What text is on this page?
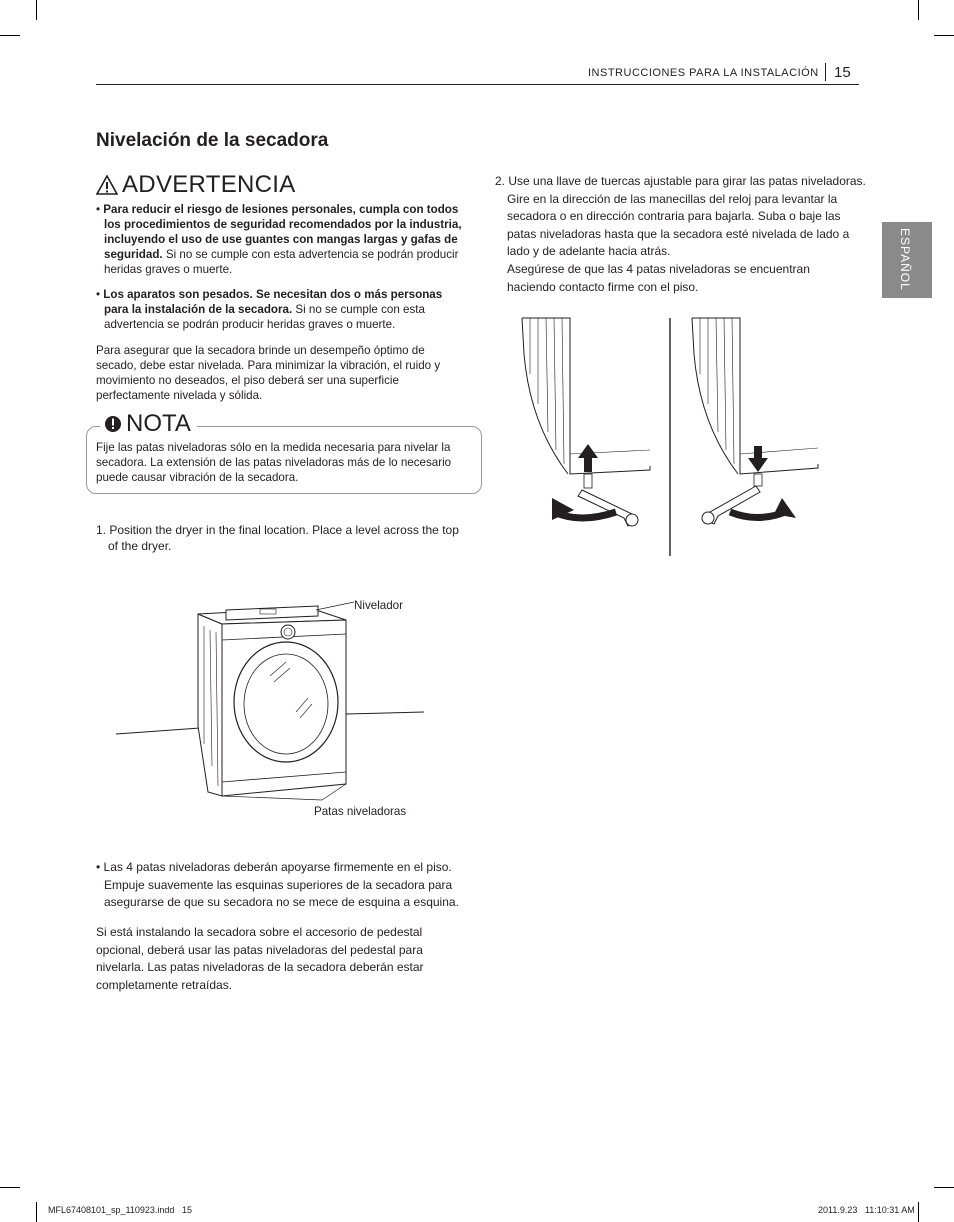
INSTRUCCIONES PARA LA INSTALACIÓN 15
ESPAÑOL
Nivelación de la secadora
ADVERTENCIA
• Para reducir el riesgo de lesiones personales, cumpla con todos los procedimientos de seguridad recomendados por la industria, incluyendo el uso de use guantes con mangas largas y gafas de seguridad. Si no se cumple con esta advertencia se podrán producir heridas graves o muerte.
• Los aparatos son pesados. Se necesitan dos o más personas para la instalación de la secadora. Si no se cumple con esta advertencia se podrán producir heridas graves o muerte.
Para asegurar que la secadora brinde un desempeño óptimo de secado, debe estar nivelada. Para minimizar la vibración, el ruido y movimiento no deseados, el piso deberá ser una superficie perfectamente nivelada y sólida.
NOTA
Fije las patas niveladoras sólo en la medida necesaria para nivelar la secadora. La extensión de las patas niveladoras más de lo necesario puede causar vibración de la secadora.
1. Position the dryer in the final location. Place a level across the top of the dryer.
Nivelador
Patas niveladoras
• Las 4 patas niveladoras deberán apoyarse firmemente en el piso. Empuje suavemente las esquinas superiores de la secadora para asegurarse de que su secadora no se mece de esquina a esquina.
Si está instalando la secadora sobre el accesorio de pedestal opcional, deberá usar las patas niveladoras del pedestal para nivelarla. Las patas niveladoras de la secadora deberán estar completamente retraídas.
2. Use una llave de tuercas ajustable para girar las patas niveladoras. Gire en la dirección de las manecillas del reloj para levantar la secadora o en dirección contraria para bajarla. Suba o baje las patas niveladoras hasta que la secadora esté nivelada de lado a lado y de adelante hacia atrás.
Asegúrese de que las 4 patas niveladoras se encuentran haciendo contacto firme con el piso.
MFL67408101_sp_110923.indd   15	2011.9.23   11:10:31 AM
